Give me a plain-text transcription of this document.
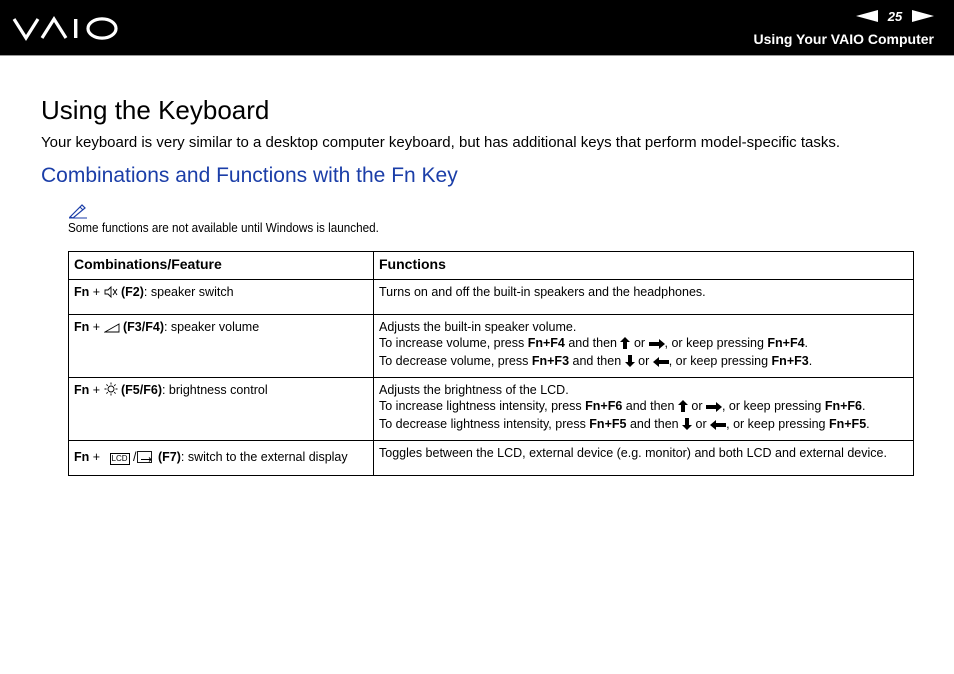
25
Using Your VAIO Computer
Using the Keyboard

Your keyboard is very similar to a desktop computer keyboard, but has additional keys that perform model-specific tasks.

Combinations and Functions with the Fn Key
Some functions are not available until Windows is launched.
Combinations/Feature	Functions
Fn +  (F2): speaker switch	Turns on and off the built-in speakers and the headphones.

Fn +  (F3/F4): speaker volume	Adjusts the built-in speaker volume.
To increase volume, press Fn+F4 and then  or , or keep pressing Fn+F4.
To decrease volume, press Fn+F3 and then  or , or keep pressing Fn+F3.

Fn +  (F5/F6): brightness control	Adjusts the brightness of the LCD.
To increase lightness intensity, press Fn+F6 and then  or , or keep pressing Fn+F6.
To decrease lightness intensity, press Fn+F5 and then  or , or keep pressing Fn+F5.

Fn + LCD / (F7): switch to the external display	Toggles between the LCD, external device (e.g. monitor) and both LCD and external device.
